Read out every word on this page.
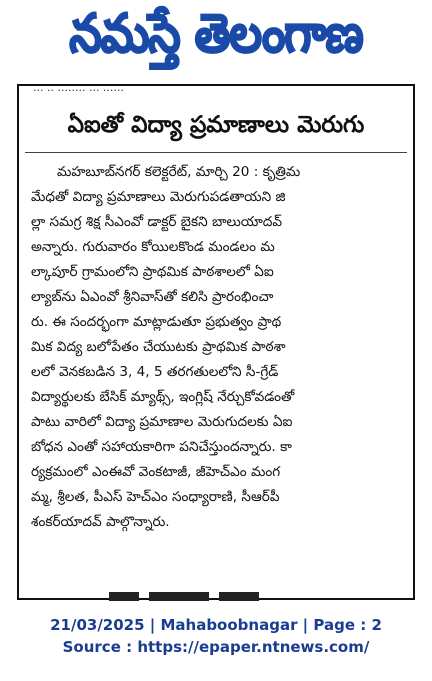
నమస్తే తెలంగాణ
... .. ........ ... ......
ఏఐతో విద్యా ప్రమాణాలు మెరుగు
మహబూబ్‌నగర్ కలెక్టరేట్, మార్చి 20 : కృత్రిమ
మేధతో విద్యా ప్రమాణాలు మెరుగుపడతాయని జి
ల్లా సమగ్ర శిక్ష సీఎంవో డాక్టర్ బైకని బాలుయాదవ్
అన్నారు. గురువారం కోయిలకొండ మండలం మ
ల్కాపూర్ గ్రామంలోని ప్రాథమిక పాఠశాలలో ఏఐ
ల్యాబ్‌ను ఏఎంవో శ్రీనివాస్‌తో కలిసి ప్రారంభించా
రు. ఈ సందర్భంగా మాట్లాడుతూ ప్రభుత్వం ప్రాథ
మిక విద్య బలోపేతం చేయుటకు ప్రాథమిక పాఠశా
లలో వెనకబడిన 3, 4, 5 తరగతులలోని సీ-గ్రేడ్
విద్యార్థులకు బేసిక్ మ్యాథ్స్, ఇంగ్లిష్ నేర్చుకోవడంతో
పాటు వారిలో విద్యా ప్రమాణాల మెరుగుదలకు ఏఐ
బోధన ఎంతో సహాయకారిగా పనిచేస్తుందన్నారు. కా
ర్యక్రమంలో ఎంఈవో వెంకటాజీ, జీహెచ్‌ఎం మంగ
మ్మ, శ్రీలత, పీఎస్ హెచ్‌ఎం సంధ్యారాణి, సీఆర్‌పీ
శంకర్‌యాదవ్ పాల్గొన్నారు.
21/03/2025 | Mahaboobnagar | Page : 2
Source : https://epaper.ntnews.com/
